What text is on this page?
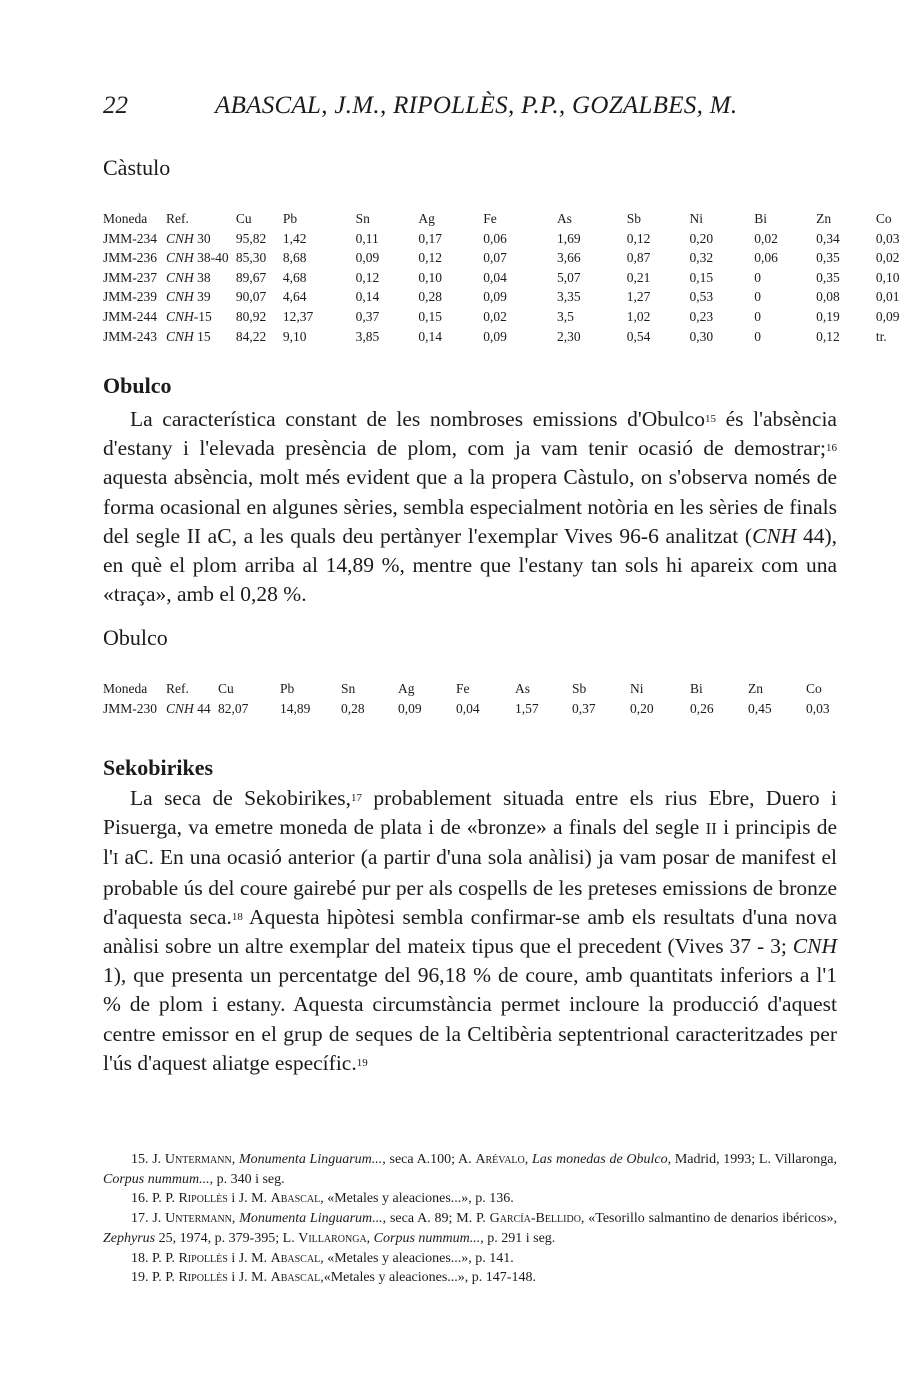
22	ABASCAL, J.M., RIPOLLÈS, P.P., GOZALBES, M.
Càstulo
Moneda	Ref.	Cu	Pb	Sn	Ag	Fe	As	Sb	Ni	Bi	Zn	Co
JMM-234	CNH 30	95,82	1,42	0,11	0,17	0,06	1,69	0,12	0,20	0,02	0,34	0,03
JMM-236	CNH 38-40	85,30	8,68	0,09	0,12	0,07	3,66	0,87	0,32	0,06	0,35	0,02
JMM-237	CNH 38	89,67	4,68	0,12	0,10	0,04	5,07	0,21	0,15	0	0,35	0,10
JMM-239	CNH 39	90,07	4,64	0,14	0,28	0,09	3,35	1,27	0,53	0	0,08	0,01
JMM-244	CNH-15	80,92	12,37	0,37	0,15	0,02	3,5	1,02	0,23	0	0,19	0,09
JMM-243	CNH 15	84,22	9,10	3,85	0,14	0,09	2,30	0,54	0,30	0	0,12	tr.
Obulco

La característica constant de les nombroses emissions d'Obulco$^{15}$ és l'absència d'estany i l'elevada presència de plom, com ja vam tenir ocasió de demostrar;$^{16}$ aquesta absència, molt més evident que a la propera Càstulo, on s'observa només de forma ocasional en algunes sèries, sembla especialment notòria en les sèries de finals del segle II aC, a les quals deu pertànyer l'exemplar Vives 96-6 analitzat (CNH 44), en què el plom arriba al 14,89 %, mentre que l'estany tan sols hi apareix com una «traça», amb el 0,28 %.

Obulco
Moneda	Ref.	Cu	Pb	Sn	Ag	Fe	As	Sb	Ni	Bi	Zn	Co
JMM-230	CNH 44	82,07	14,89	0,28	0,09	0,04	1,57	0,37	0,20	0,26	0,45	0,03
Sekobirikes

La seca de Sekobirikes,$^{17}$ probablement situada entre els rius Ebre, Duero i Pisuerga, va emetre moneda de plata i de «bronze» a finals del segle II i principis de l'I aC. En una ocasió anterior (a partir d'una sola anàlisi) ja vam posar de manifest el probable ús del coure gairebé pur per als cospells de les preteses emissions de bronze d'aquesta seca.$^{18}$ Aquesta hipòtesi sembla confirmar-se amb els resultats d'una nova anàlisi sobre un altre exemplar del mateix tipus que el precedent (Vives 37 - 3; CNH 1), que presenta un percentatge del 96,18 % de coure, amb quantitats inferiors a l'1 % de plom i estany. Aquesta circumstància permet incloure la producció d'aquest centre emissor en el grup de seques de la Celtibèria septentrional caracteritzades per l'ús d'aquest aliatge específic.$^{19}$

15. J. Untermann, Monumenta Linguarum..., seca A.100; A. Arévalo, Las monedas de Obulco, Madrid, 1993; L. Villaronga, Corpus nummum..., p. 340 i seg.

16. P. P. Ripollès i J. M. Abascal, «Metales y aleaciones...», p. 136.

17. J. Untermann, Monumenta Linguarum..., seca A. 89; M. P. García-Bellido, «Tesorillo salmantino de denarios ibéricos», Zephyrus 25, 1974, p. 379-395; L. Villaronga, Corpus nummum..., p. 291 i seg.

18. P. P. Ripollès i J. M. Abascal, «Metales y aleaciones...», p. 141.

19. P. P. Ripollès i J. M. Abascal,«Metales y aleaciones...», p. 147-148.
